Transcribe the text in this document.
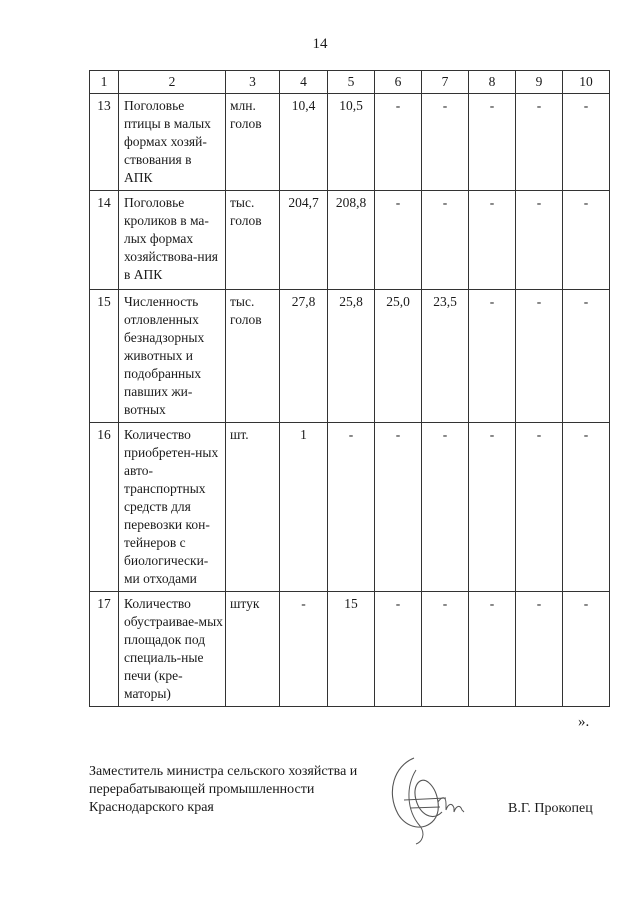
14
1	2	3	4	5	6	7	8	9	10
13	Поголовье птицы в малых формах хозяй-ствования в АПК	млн. голов	10,4	10,5	-	-	-	-	-
14	Поголовье кроликов в ма-лых формах хозяйствова-ния в АПК	тыс. голов	204,7	208,8	-	-	-	-	-
15	Численность отловленных безнадзорных животных и подобранных павших жи-вотных	тыс. голов	27,8	25,8	25,0	23,5	-	-	-
16	Количество приобретен-ных авто-транспортных средств для перевозки кон-тейнеров с биологически-ми отходами	шт.	1	-	-	-	-	-	-
17	Количество обустраивае-мых площадок под специаль-ные печи (кре-маторы)	штук	-	15	-	-	-	-	-
».
Заместитель министра сельского хозяйства и
перерабатывающей промышленности
Краснодарского края	В.Г. Прокопец
